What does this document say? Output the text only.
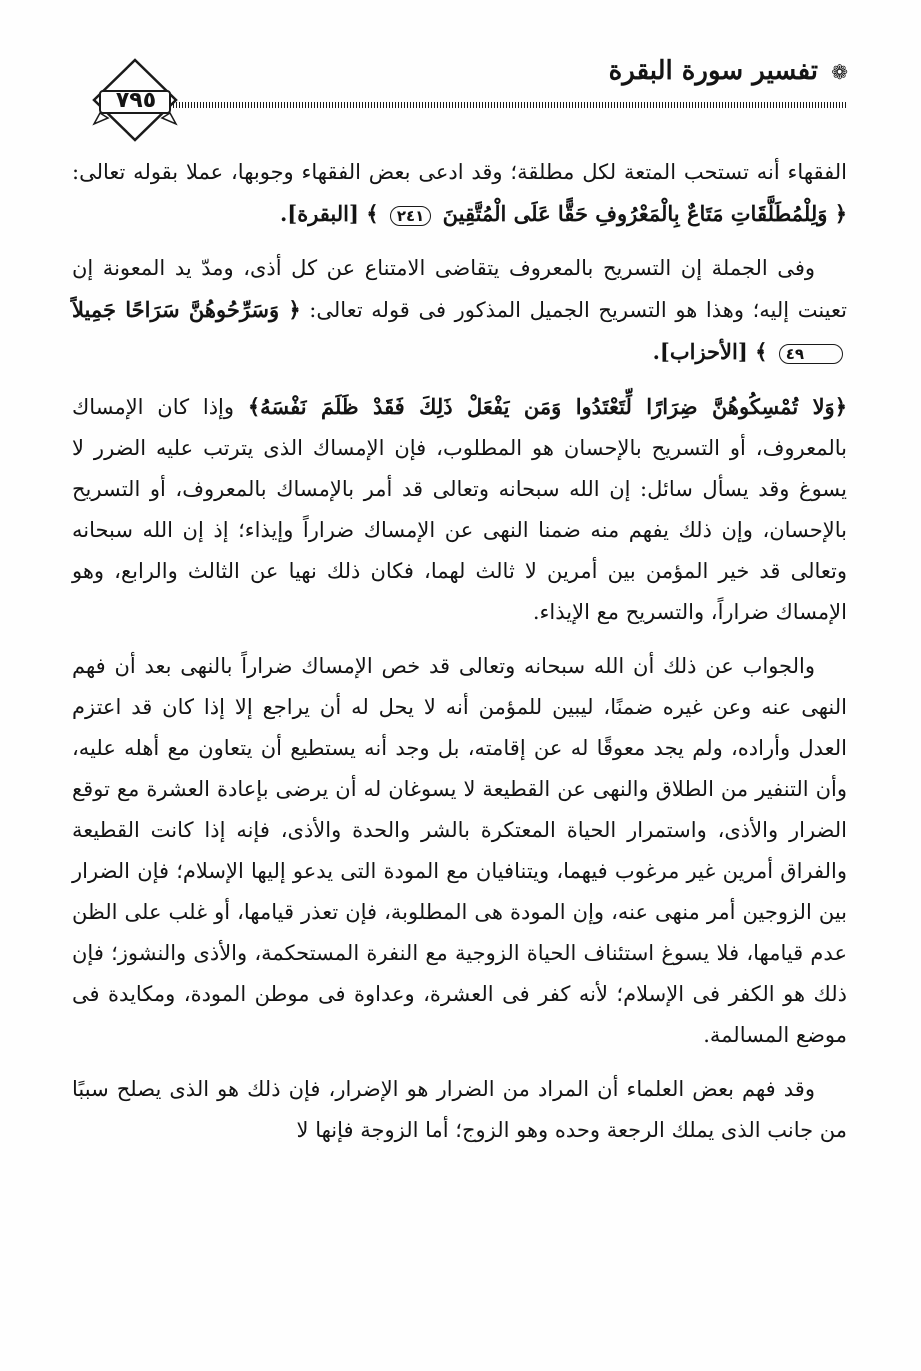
❁
تفسير سورة البقرة
٧٩٥

الفقهاء أنه تستحب المتعة لكل مطلقة؛ وقد ادعى بعض الفقهاء وجوبها، عملا بقوله تعالى: ﴿ وَلِلْمُطَلَّقَاتِ مَتَاعٌ بِالْمَعْرُوفِ حَقًّا عَلَى الْمُتَّقِينَ ٢٤١ ﴾ [البقرة].

وفى الجملة إن التسريح بالمعروف يتقاضى الامتناع عن كل أذى، ومدّ يد المعونة إن تعينت إليه؛ وهذا هو التسريح الجميل المذكور فى قوله تعالى: ﴿ وَسَرِّحُوهُنَّ سَرَاحًا جَمِيلاً ٤٩ ﴾ [الأحزاب].

﴿وَلا تُمْسِكُوهُنَّ ضِرَارًا لِّتَعْتَدُوا وَمَن يَفْعَلْ ذَلِكَ فَقَدْ ظَلَمَ نَفْسَهُ﴾ وإذا كان الإمساك بالمعروف، أو التسريح بالإحسان هو المطلوب، فإن الإمساك الذى يترتب عليه الضرر لا يسوغ وقد يسأل سائل: إن الله سبحانه وتعالى قد أمر بالإمساك بالمعروف، أو التسريح بالإحسان، وإن ذلك يفهم منه ضمنا النهى عن الإمساك ضراراً وإيذاء؛ إذ إن الله سبحانه وتعالى قد خير المؤمن بين أمرين لا ثالث لهما، فكان ذلك نهيا عن الثالث والرابع، وهو الإمساك ضراراً، والتسريح مع الإيذاء.

والجواب عن ذلك أن الله سبحانه وتعالى قد خص الإمساك ضراراً بالنهى بعد أن فهم النهى عنه وعن غيره ضمنًا، ليبين للمؤمن أنه لا يحل له أن يراجع إلا إذا كان قد اعتزم العدل وأراده، ولم يجد معوقًا له عن إقامته، بل وجد أنه يستطيع أن يتعاون مع أهله عليه، وأن التنفير من الطلاق والنهى عن القطيعة لا يسوغان له أن يرضى بإعادة العشرة مع توقع الضرار والأذى، واستمرار الحياة المعتكرة بالشر والحدة والأذى، فإنه إذا كانت القطيعة والفراق أمرين غير مرغوب فيهما، ويتنافيان مع المودة التى يدعو إليها الإسلام؛ فإن الضرار بين الزوجين أمر منهى عنه، وإن المودة هى المطلوبة، فإن تعذر قيامها، أو غلب على الظن عدم قيامها، فلا يسوغ استئناف الحياة الزوجية مع النفرة المستحكمة، والأذى والنشوز؛ فإن ذلك هو الكفر فى الإسلام؛ لأنه كفر فى العشرة، وعداوة فى موطن المودة، ومكايدة فى موضع المسالمة.

وقد فهم بعض العلماء أن المراد من الضرار هو الإضرار، فإن ذلك هو الذى يصلح سببًا من جانب الذى يملك الرجعة وحده وهو الزوج؛ أما الزوجة فإنها لا
